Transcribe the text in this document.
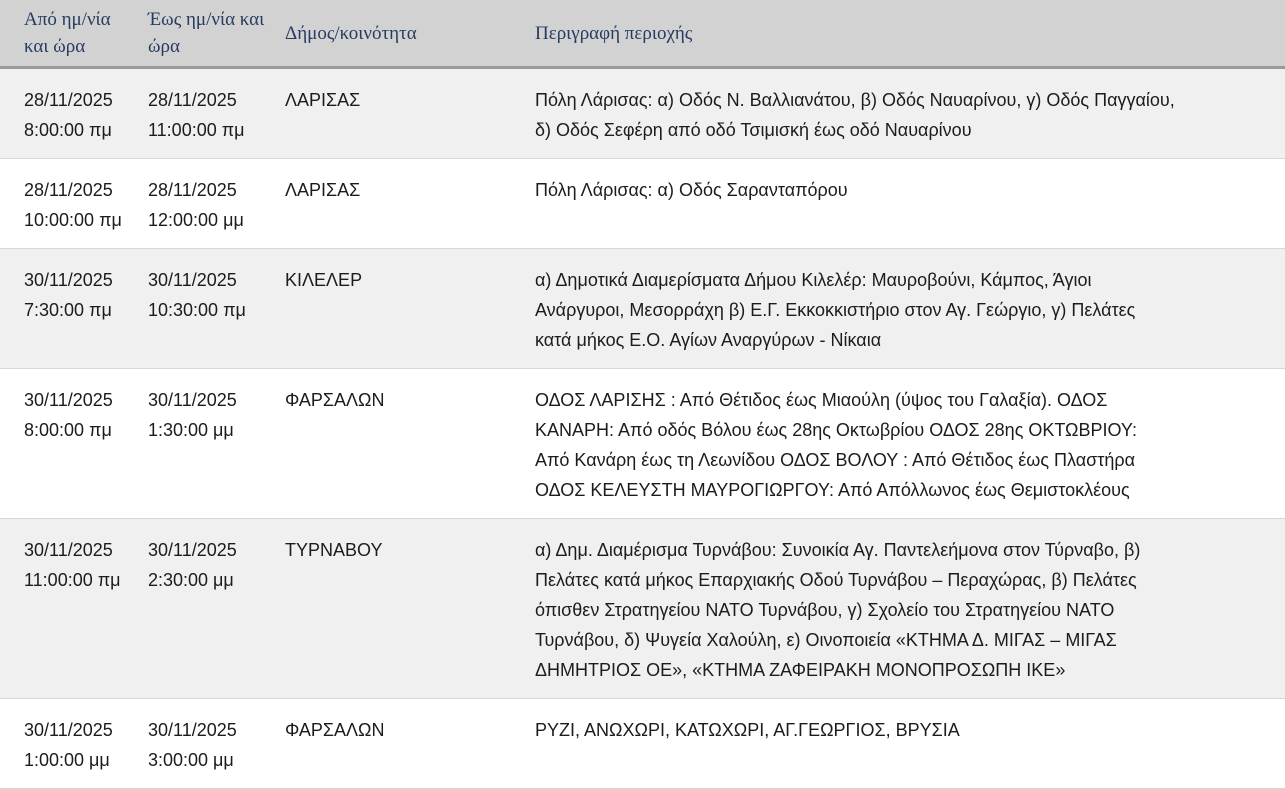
Από ημ/νία και ώρα	Έως ημ/νία και ώρα	Δήμος/κοινότητα	Περιγραφή περιοχής

28/11/2025
8:00:00 πμ	28/11/2025
11:00:00 πμ	ΛΑΡΙΣΑΣ	Πόλη Λάρισας: α) Οδός Ν. Βαλλιανάτου, β) Οδός Ναυαρίνου, γ) Οδός Παγγαίου, δ) Οδός Σεφέρη από οδό Τσιμισκή έως οδό Ναυαρίνου

28/11/2025
10:00:00 πμ	28/11/2025
12:00:00 μμ	ΛΑΡΙΣΑΣ	Πόλη Λάρισας: α) Οδός Σαρανταπόρου

30/11/2025
7:30:00 πμ	30/11/2025
10:30:00 πμ	ΚΙΛΕΛΕΡ	α) Δημοτικά Διαμερίσματα Δήμου Κιλελέρ: Μαυροβούνι, Κάμπος, Άγιοι Ανάργυροι, Μεσορράχη β) Ε.Γ. Εκκοκκιστήριο στον Αγ. Γεώργιο, γ) Πελάτες κατά μήκος Ε.Ο. Αγίων Αναργύρων - Νίκαια

30/11/2025
8:00:00 πμ	30/11/2025
1:30:00 μμ	ΦΑΡΣΑΛΩΝ	ΟΔΟΣ ΛΑΡΙΣΗΣ : Από Θέτιδος έως Μιαούλη (ύψος του Γαλαξία). ΟΔΟΣ ΚΑΝΑΡΗ: Από οδός Βόλου έως 28ης Οκτωβρίου ΟΔΟΣ 28ης ΟΚΤΩΒΡΙΟΥ: Από Κανάρη έως τη Λεωνίδου ΟΔΟΣ ΒΟΛΟΥ : Από Θέτιδος έως Πλαστήρα ΟΔΟΣ ΚΕΛΕΥΣΤΗ ΜΑΥΡΟΓΙΩΡΓΟΥ: Από Απόλλωνος έως Θεμιστοκλέους

30/11/2025
11:00:00 πμ	30/11/2025
2:30:00 μμ	ΤΥΡΝΑΒΟΥ	α) Δημ. Διαμέρισμα Τυρνάβου: Συνοικία Αγ. Παντελεήμονα στον Τύρναβο, β) Πελάτες κατά μήκος Επαρχιακής Οδού Τυρνάβου – Περαχώρας, β) Πελάτες όπισθεν Στρατηγείου ΝΑΤΟ Τυρνάβου, γ) Σχολείο του Στρατηγείου ΝΑΤΟ Τυρνάβου, δ) Ψυγεία Χαλούλη, ε) Οινοποιεία «ΚΤΗΜΑ Δ. ΜΙΓΑΣ – ΜΙΓΑΣ ΔΗΜΗΤΡΙΟΣ ΟΕ», «ΚΤΗΜΑ ΖΑΦΕΙΡΑΚΗ ΜΟΝΟΠΡΟΣΩΠΗ ΙΚΕ»

30/11/2025
1:00:00 μμ	30/11/2025
3:00:00 μμ	ΦΑΡΣΑΛΩΝ	ΡΥΖΙ, ΑΝΩΧΩΡΙ, ΚΑΤΩΧΩΡΙ, ΑΓ.ΓΕΩΡΓΙΟΣ, ΒΡΥΣΙΑ
